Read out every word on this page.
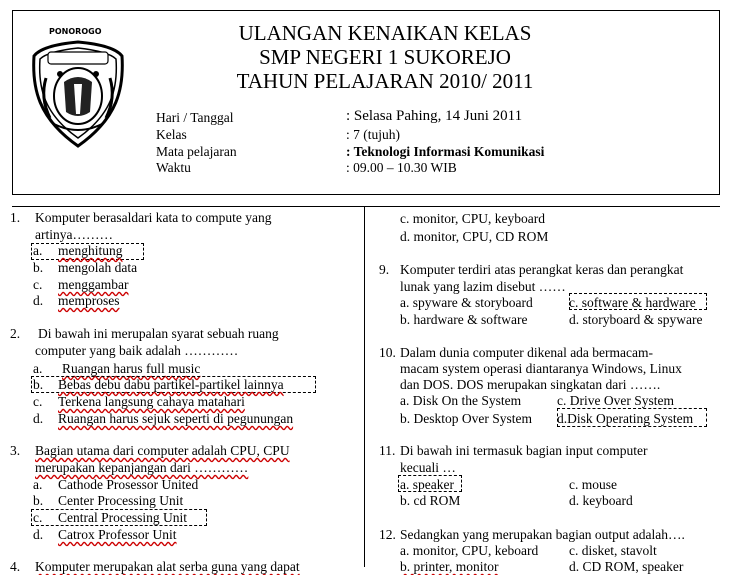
PONOROGO	ULANGAN KENAIKAN KELAS
SMP NEGERI 1 SUKOREJO
TAHUN PELAJARAN 2010/ 2011
Hari / Tanggal	: Selasa Pahing, 14 Juni 2011
Kelas	: 7 (tujuh)
Mata pelajaran	: Teknologi Informasi Komunikasi
Waktu	: 09.00 – 10.30 WIB
1. Komputer berasaldari kata to compute yang
artinya………
a. menghitung
b. mengolah data
c. menggambar
d. memproses
2. Di bawah ini merupalan syarat sebuah ruang
computer yang baik adalah …………
a. Ruangan harus full music
b. Bebas debu dabu partikel-partikel lainnya
c. Terkena langsung cahaya matahari
d. Ruangan harus sejuk seperti di pegunungan
3. Bagian utama dari computer adalah CPU, CPU
merupakan kepanjangan dari …………
a. Cathode Prosessor United
b. Center Processing Unit
c. Central Processing Unit
d. Catrox Professor Unit
4. Komputer merupakan alat serba guna yang dapat
c. monitor, CPU, keyboard
d. monitor, CPU, CD ROM
9. Komputer terdiri atas perangkat keras dan perangkat
lunak yang lazim disebut ……
a. spyware & storyboard	c. software & hardware
b. hardware & software	d. storyboard & spyware
10. Dalam dunia computer dikenal ada bermacam-
macam system operasi diantaranya Windows, Linux
dan DOS. DOS merupakan singkatan dari …….
a. Disk On the System	c. Drive Over System
b. Desktop Over System d.Disk Operating System
11. Di bawah ini termasuk bagian input computer
kecuali …
a. speaker	c. mouse
b. cd ROM	d. keyboard
12. Sedangkan yang merupakan bagian output adalah….
a. monitor, CPU, keboard c. disket, stavolt
b. printer, monitor	d. CD ROM, speaker
